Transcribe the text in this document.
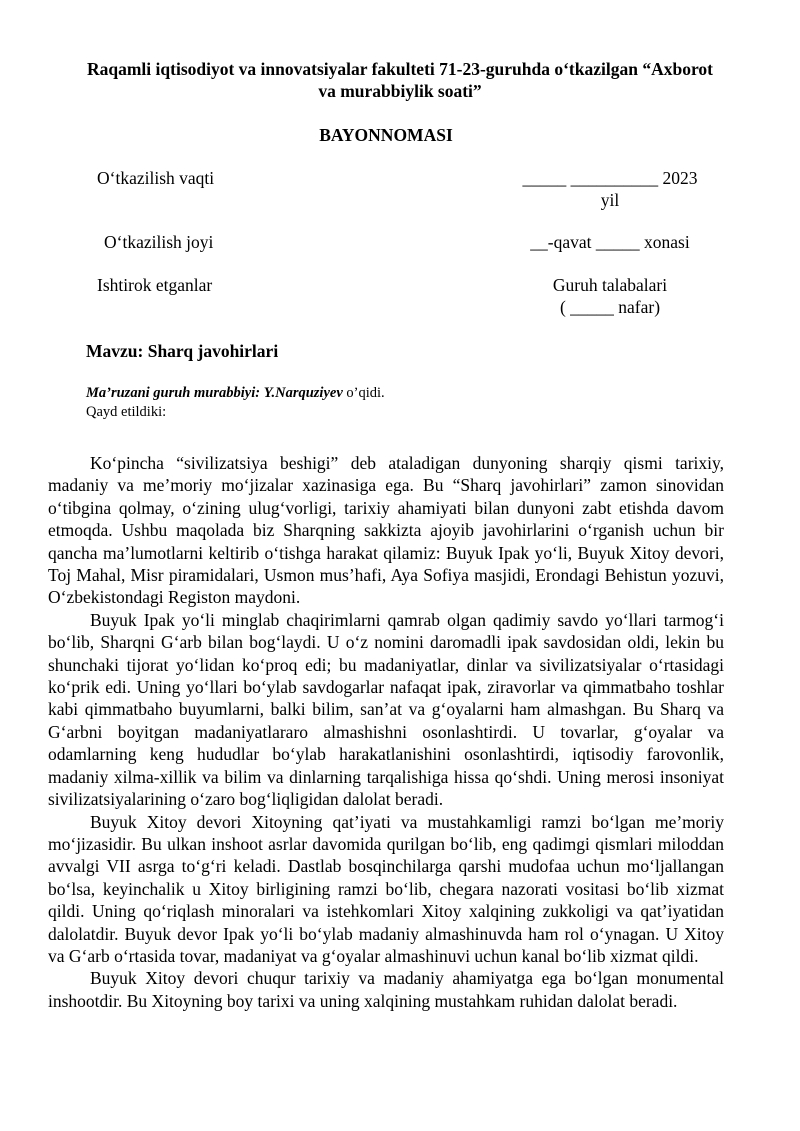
Raqamli iqtisodiyot va innovatsiyalar fakulteti 71-23-guruhda o‘tkazilgan “Axborot
va murabbiylik soati”
BAYONNOMASI
O‘tkazilish vaqti	_____ __________ 2023
yil
O‘tkazilish joyi	__-qavat _____ xonasi
Ishtirok etganlar	Guruh talabalari
( _____ nafar)
Mavzu: Sharq javohirlari
Ma’ruzani guruh murabbiyi: Y.Narquziyev o’qidi.
Qayd etildiki:

Ko‘pincha “sivilizatsiya beshigi” deb ataladigan dunyoning sharqiy qismi tarixiy, madaniy va me’moriy mo‘jizalar xazinasiga ega. Bu “Sharq javohirlari” zamon sinovidan o‘tibgina qolmay, o‘zining ulug‘vorligi, tarixiy ahamiyati bilan dunyoni zabt etishda davom etmoqda. Ushbu maqolada biz Sharqning sakkizta ajoyib javohirlarini o‘rganish uchun bir qancha ma’lumotlarni keltirib o‘tishga harakat qilamiz: Buyuk Ipak yo‘li, Buyuk Xitoy devori, Toj Mahal, Misr piramidalari, Usmon mus’hafi, Aya Sofiya masjidi, Erondagi Behistun yozuvi, O‘zbekistondagi Registon maydoni.

Buyuk Ipak yo‘li minglab chaqirimlarni qamrab olgan qadimiy savdo yo‘llari tarmog‘i bo‘lib, Sharqni G‘arb bilan bog‘laydi. U o‘z nomini daromadli ipak savdosidan oldi, lekin bu shunchaki tijorat yo‘lidan ko‘proq edi; bu madaniyatlar, dinlar va sivilizatsiyalar o‘rtasidagi ko‘prik edi. Uning yo‘llari bo‘ylab savdogarlar nafaqat ipak, ziravorlar va qimmatbaho toshlar kabi qimmatbaho buyumlarni, balki bilim, san’at va g‘oyalarni ham almashgan. Bu Sharq va G‘arbni boyitgan madaniyatlararo almashishni osonlashtirdi. U tovarlar, g‘oyalar va odamlarning keng hududlar bo‘ylab harakatlanishini osonlashtirdi, iqtisodiy farovonlik, madaniy xilma-xillik va bilim va dinlarning tarqalishiga hissa qo‘shdi. Uning merosi insoniyat sivilizatsiyalarining o‘zaro bog‘liqligidan dalolat beradi.

Buyuk Xitoy devori Xitoyning qat’iyati va mustahkamligi ramzi bo‘lgan me’moriy mo‘jizasidir. Bu ulkan inshoot asrlar davomida qurilgan bo‘lib, eng qadimgi qismlari miloddan avvalgi VII asrga to‘g‘ri keladi. Dastlab bosqinchilarga qarshi mudofaa uchun mo‘ljallangan bo‘lsa, keyinchalik u Xitoy birligining ramzi bo‘lib, chegara nazorati vositasi bo‘lib xizmat qildi. Uning qo‘riqlash minoralari va istehkomlari Xitoy xalqining zukkoligi va qat’iyatidan dalolatdir. Buyuk devor Ipak yo‘li bo‘ylab madaniy almashinuvda ham rol o‘ynagan. U Xitoy va G‘arb o‘rtasida tovar, madaniyat va g‘oyalar almashinuvi uchun kanal bo‘lib xizmat qildi.

Buyuk Xitoy devori chuqur tarixiy va madaniy ahamiyatga ega bo‘lgan monumental inshootdir. Bu Xitoyning boy tarixi va uning xalqining mustahkam ruhidan dalolat beradi.
